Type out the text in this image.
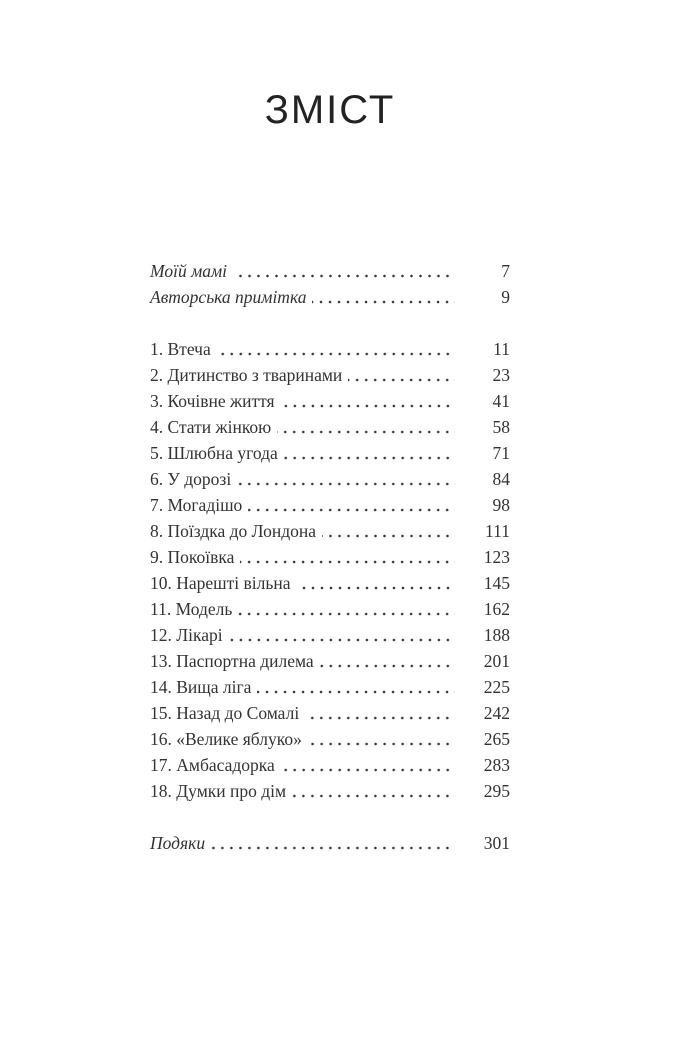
ЗМІСТ
Моїй мамі	7
Авторська примітка	9
1. Втеча	11
2. Дитинство з тваринами	23
3. Кочівне життя	41
4. Стати жінкою	58
5. Шлюбна угода	71
6. У дорозі	84
7. Могадішо	98
8. Поїздка до Лондона	111
9. Покоївка	123
10. Нарешті вільна	145
11. Модель	162
12. Лікарі	188
13. Паспортна дилема	201
14. Вища ліга	225
15. Назад до Сомалі	242
16. «Велике яблуко»	265
17. Амбасадорка	283
18. Думки про дім	295
Подяки	301
